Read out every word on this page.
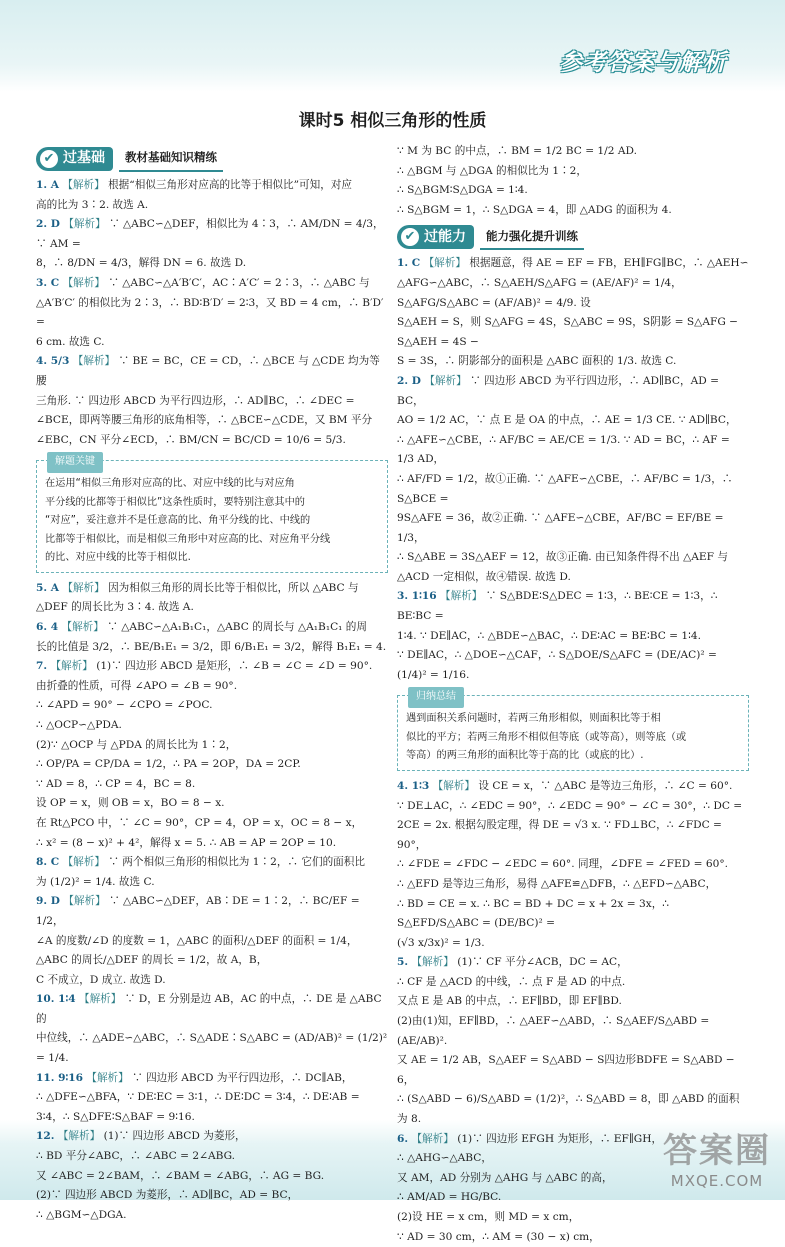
参考答案与解析
课时5 相似三角形的性质
✔ 过基础	教材基础知识精练
1. A 【解析】 根据“相似三角形对应高的比等于相似比”可知，对应
高的比为 3∶2. 故选 A.
2. D 【解析】 ∵ △ABC∽△DEF，相似比为 4∶3，∴ AM/DN = 4/3，∵ AM =
8，∴ 8/DN = 4/3，解得 DN = 6. 故选 D.
3. C 【解析】 ∵ △ABC∽△A′B′C′，AC∶A′C′ = 2∶3，∴ △ABC 与
△A′B′C′ 的相似比为 2∶3，∴ BD∶B′D′ = 2∶3，又 BD = 4 cm，∴ B′D′ =
6 cm. 故选 C.
4. 5/3 【解析】 ∵ BE = BC，CE = CD，∴ △BCE 与 △CDE 均为等腰
三角形. ∵ 四边形 ABCD 为平行四边形，∴ AD∥BC，∴ ∠DEC =
∠BCE，即两等腰三角形的底角相等，∴ △BCE∽△CDE，又 BM 平分
∠EBC，CN 平分∠ECD，∴ BM/CN = BC/CD = 10/6 = 5/3.
解题关键
在运用“相似三角形对应高的比、对应中线的比与对应角
平分线的比都等于相似比”这条性质时，要特别注意其中的
“对应”，妥注意并不是任意高的比、角平分线的比、中线的
比都等于相似比，而是相似三角形中对应高的比、对应角平分线
的比、对应中线的比等于相似比.
5. A 【解析】 因为相似三角形的周长比等于相似比，所以 △ABC 与
△DEF 的周长比为 3∶4. 故选 A.
6. 4 【解析】 ∵ △ABC∽△A₁B₁C₁，△ABC 的周长与 △A₁B₁C₁ 的周
长的比值是 3/2，∴ BE/B₁E₁ = 3/2，即 6/B₁E₁ = 3/2，解得 B₁E₁ = 4.
7. 【解析】 (1)∵ 四边形 ABCD 是矩形，∴ ∠B = ∠C = ∠D = 90°.
由折叠的性质，可得 ∠APO = ∠B = 90°.
∴ ∠APD = 90° − ∠CPO = ∠POC.
∴ △OCP∽△PDA.
(2)∵ △OCP 与 △PDA 的周长比为 1∶2，
∴ OP/PA = CP/DA = 1/2，∴ PA = 2OP，DA = 2CP.
∵ AD = 8，∴ CP = 4，BC = 8.
设 OP = x，则 OB = x，BO = 8 − x.
在 Rt△PCO 中，∵ ∠C = 90°，CP = 4，OP = x，OC = 8 − x，
∴ x² = (8 − x)² + 4²，解得 x = 5. ∴ AB = AP = 2OP = 10.
8. C 【解析】 ∵ 两个相似三角形的相似比为 1∶2，∴ 它们的面积比
为 (1/2)² = 1/4. 故选 C.
9. D 【解析】 ∵ △ABC∽△DEF，AB∶DE = 1∶2，∴ BC/EF = 1/2，
∠A 的度数/∠D 的度数 = 1，△ABC 的面积/△DEF 的面积 = 1/4，△ABC 的周长/△DEF 的周长 = 1/2，故 A，B，
C 不成立，D 成立. 故选 D.
10. 1∶4 【解析】 ∵ D，E 分别是边 AB，AC 的中点，∴ DE 是 △ABC 的
中位线，∴ △ADE∽△ABC，∴ S△ADE∶S△ABC = (AD/AB)² = (1/2)² = 1/4.
11. 9∶16 【解析】 ∵ 四边形 ABCD 为平行四边形，∴ DC∥AB，
∴ △DFE∽△BFA，∵ DE∶EC = 3∶1，∴ DE∶DC = 3∶4，∴ DE∶AB =
3∶4，∴ S△DFE∶S△BAF = 9∶16.
12. 【解析】 (1)∵ 四边形 ABCD 为菱形，
∴ BD 平分∠ABC，∴ ∠ABC = 2∠ABG.
又 ∠ABC = 2∠BAM，∴ ∠BAM = ∠ABG，∴ AG = BG.
(2)∵ 四边形 ABCD 为菱形，∴ AD∥BC，AD = BC，
∴ △BGM∽△DGA.
∵ M 为 BC 的中点，∴ BM = 1/2 BC = 1/2 AD.
∴ △BGM 与 △DGA 的相似比为 1∶2，
∴ S△BGM∶S△DGA = 1∶4.
∴ S△BGM = 1，∴ S△DGA = 4，即 △ADG 的面积为 4.
✔ 过能力	能力强化提升训练
1. C 【解析】 根据题意，得 AE = EF = FB，EH∥FG∥BC，∴ △AEH∽
△AFG∽△ABC，∴ S△AEH/S△AFG = (AE/AF)² = 1/4，S△AFG/S△ABC = (AF/AB)² = 4/9. 设
S△AEH = S，则 S△AFG = 4S，S△ABC = 9S，S阴影 = S△AFG − S△AEH = 4S −
S = 3S，∴ 阴影部分的面积是 △ABC 面积的 1/3. 故选 C.
2. D 【解析】 ∵ 四边形 ABCD 为平行四边形，∴ AD∥BC，AD = BC，
AO = 1/2 AC，∵ 点 E 是 OA 的中点，∴ AE = 1/3 CE. ∵ AD∥BC，
∴ △AFE∽△CBE，∴ AF/BC = AE/CE = 1/3. ∵ AD = BC，∴ AF = 1/3 AD，
∴ AF/FD = 1/2，故①正确. ∵ △AFE∽△CBE，∴ AF/BC = 1/3，∴ S△BCE =
9S△AFE = 36，故②正确. ∵ △AFE∽△CBE，AF/BC = EF/BE = 1/3，
∴ S△ABE = 3S△AEF = 12，故③正确. 由已知条件得不出 △AEF 与
△ACD 一定相似，故④错误. 故选 D.
3. 1∶16 【解析】 ∵ S△BDE∶S△DEC = 1∶3，∴ BE∶CE = 1∶3，∴ BE∶BC =
1∶4. ∵ DE∥AC，∴ △BDE∽△BAC，∴ DE∶AC = BE∶BC = 1∶4.
∵ DE∥AC，∴ △DOE∽△CAF，∴ S△DOE/S△AFC = (DE/AC)² = (1/4)² = 1/16.
归纳总结
遇到面积关系问题时，若两三角形相似，则面积比等于相
似比的平方；若两三角形不相似但等底（或等高），则等底（或
等高）的两三角形的面积比等于高的比（或底的比）.
4. 1∶3 【解析】 设 CE = x，∵ △ABC 是等边三角形，∴ ∠C = 60°.
∵ DE⊥AC，∴ ∠EDC = 90°，∴ ∠EDC = 90° − ∠C = 30°，∴ DC =
2CE = 2x. 根据勾股定理，得 DE = √3 x. ∵ FD⊥BC，∴ ∠FDC = 90°，
∴ ∠FDE = ∠FDC − ∠EDC = 60°. 同理，∠DFE = ∠FED = 60°.
∴ △EFD 是等边三角形，易得 △AFE≌△DFB，∴ △EFD∽△ABC，
∴ BD = CE = x. ∴ BC = BD + DC = x + 2x = 3x，∴ S△EFD/S△ABC = (DE/BC)² =
(√3 x/3x)² = 1/3.
5. 【解析】 (1)∵ CF 平分∠ACB，DC = AC，
∴ CF 是 △ACD 的中线，∴ 点 F 是 AD 的中点.
又点 E 是 AB 的中点，∴ EF∥BD，即 EF∥BD.
(2)由(1)知，EF∥BD，∴ △AEF∽△ABD，∴ S△AEF/S△ABD = (AE/AB)².
又 AE = 1/2 AB，S△AEF = S△ABD − S四边形BDFE = S△ABD − 6，
∴ (S△ABD − 6)/S△ABD = (1/2)²，∴ S△ABD = 8，即 △ABD 的面积为 8.
6. 【解析】 (1)∵ 四边形 EFGH 为矩形，∴ EF∥GH，
∴ △AHG∽△ABC，
又 AM，AD 分别为 △AHG 与 △ABC 的高，
∴ AM/AD = HG/BC.
(2)设 HE = x cm，则 MD = x cm，
∵ AD = 30 cm，∴ AM = (30 − x) cm，
答案圈
MXQE.COM
